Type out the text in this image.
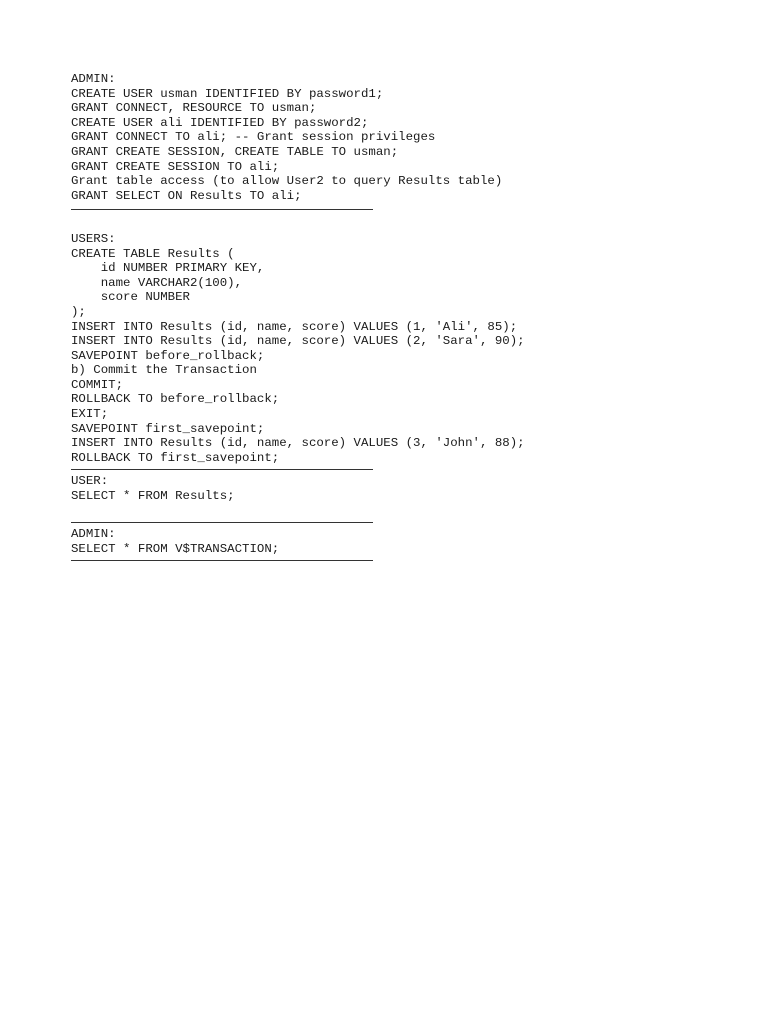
ADMIN:
CREATE USER usman IDENTIFIED BY password1;
GRANT CONNECT, RESOURCE TO usman;
CREATE USER ali IDENTIFIED BY password2;
GRANT CONNECT TO ali; -- Grant session privileges
GRANT CREATE SESSION, CREATE TABLE TO usman;
GRANT CREATE SESSION TO ali;
Grant table access (to allow User2 to query Results table)
GRANT SELECT ON Results TO ali;
USERS:
CREATE TABLE Results (
id NUMBER PRIMARY KEY,
name VARCHAR2(100),
score NUMBER
);
INSERT INTO Results (id, name, score) VALUES (1, 'Ali', 85);
INSERT INTO Results (id, name, score) VALUES (2, 'Sara', 90);
SAVEPOINT before_rollback;
b) Commit the Transaction
COMMIT;
ROLLBACK TO before_rollback;
EXIT;
SAVEPOINT first_savepoint;
INSERT INTO Results (id, name, score) VALUES (3, 'John', 88);
ROLLBACK TO first_savepoint;
USER:
SELECT * FROM Results;
ADMIN:
SELECT * FROM V$TRANSACTION;
